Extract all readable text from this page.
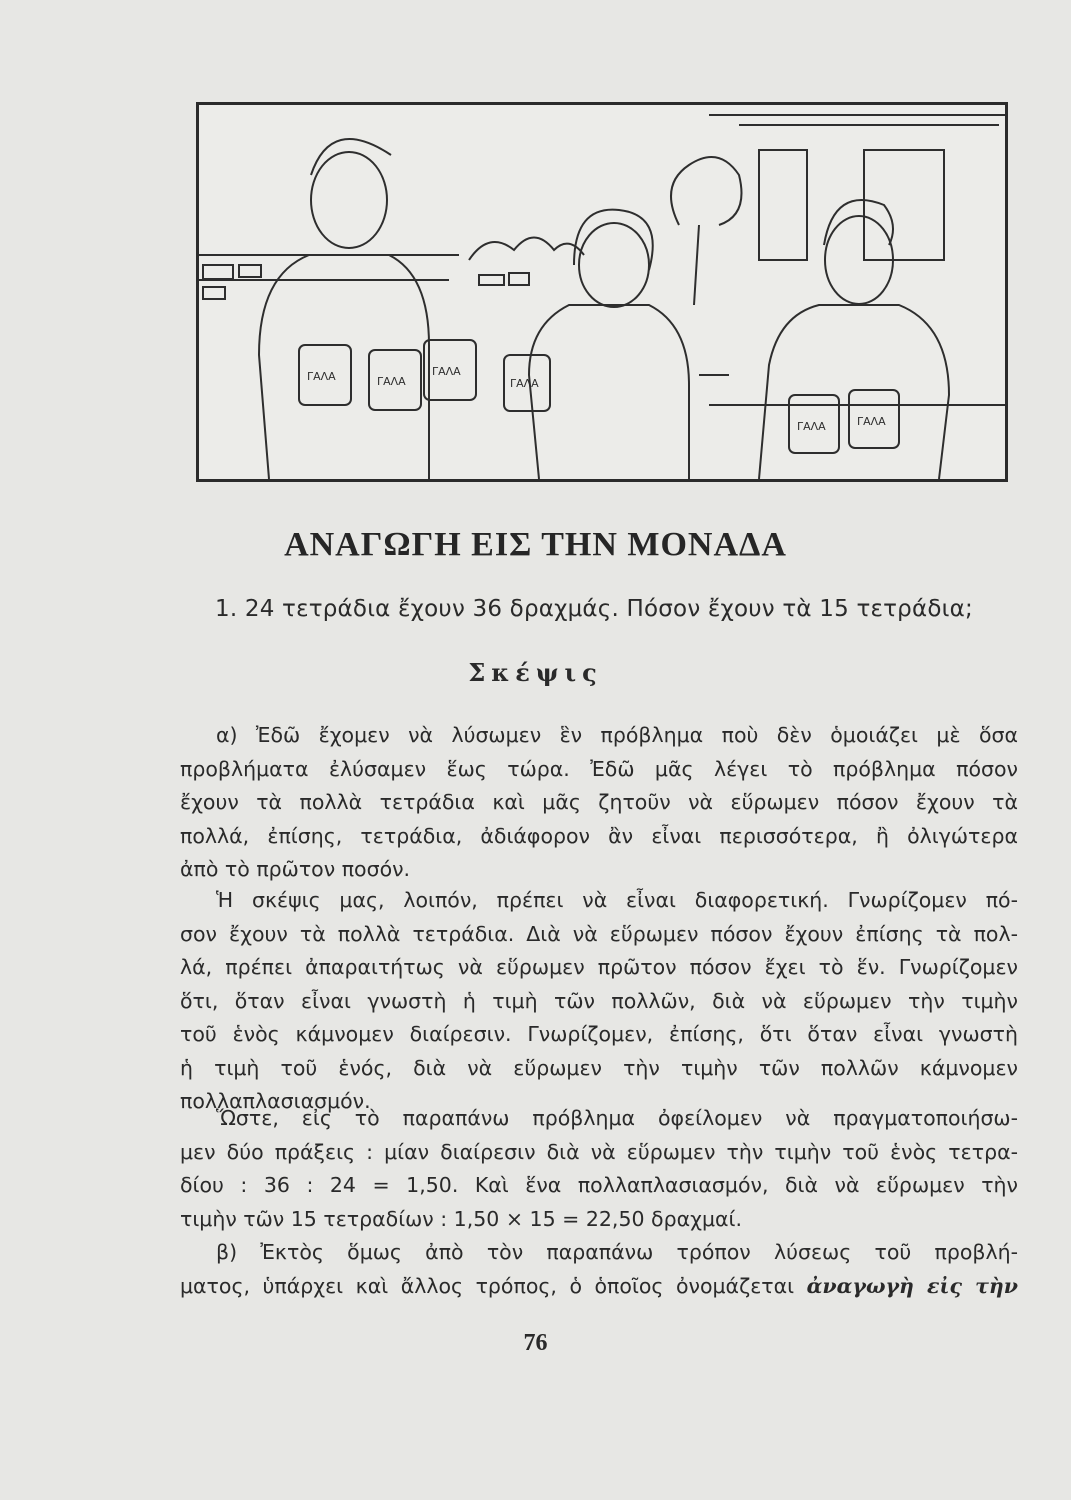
ΓΑΛΑ	ΓΑΛΑ
ΓΑΛΑ
ΓΑΛΑ
ΓΑΛΑ	ΓΑΛΑ
ΑΝΑΓΩΓΗ ΕΙΣ ΤΗΝ ΜΟΝΑΔΑ
1. 24 τετράδια ἔχουν 36 δραχμάς. Πόσον ἔχουν τὰ 15 τετράδια;
Σκέψις
α) Ἐδῶ ἔχομεν νὰ λύσωμεν ἓν πρόβλημα ποὺ δὲν ὁμοιάζει μὲ ὅσα
προβλήματα ἐλύσαμεν ἕως τώρα. Ἐδῶ μᾶς λέγει τὸ πρόβλημα πόσον
ἔχουν τὰ πολλὰ τετράδια καὶ μᾶς ζητοῦν νὰ εὕρωμεν πόσον ἔχουν τὰ
πολλά, ἐπίσης, τετράδια, ἀδιάφορον ἂν εἶναι περισσότερα, ἢ ὀλιγώτερα
ἀπὸ τὸ πρῶτον ποσόν.
Ἡ σκέψις μας, λοιπόν, πρέπει νὰ εἶναι διαφορετική. Γνωρίζομεν πό-
σον ἔχουν τὰ πολλὰ τετράδια. Διὰ νὰ εὕρωμεν πόσον ἔχουν ἐπίσης τὰ πολ-
λά, πρέπει ἀπαραιτήτως νὰ εὕρωμεν πρῶτον πόσον ἔχει τὸ ἕν. Γνωρίζομεν
ὅτι, ὅταν εἶναι γνωστὴ ἡ τιμὴ τῶν πολλῶν, διὰ νὰ εὕρωμεν τὴν τιμὴν
τοῦ ἑνὸς κάμνομεν διαίρεσιν. Γνωρίζομεν, ἐπίσης, ὅτι ὅταν εἶναι γνωστὴ
ἡ τιμὴ τοῦ ἑνός, διὰ νὰ εὕρωμεν τὴν τιμὴν τῶν πολλῶν κάμνομεν
πολλαπλασιασμόν.
Ὥστε, εἰς τὸ παραπάνω πρόβλημα ὀφείλομεν νὰ πραγματοποιήσω-
μεν δύο πράξεις : μίαν διαίρεσιν διὰ νὰ εὕρωμεν τὴν τιμὴν τοῦ ἑνὸς τετρα-
δίου : 36 : 24 = 1,50. Καὶ ἕνα πολλαπλασιασμόν, διὰ νὰ εὕρωμεν τὴν
τιμὴν τῶν 15 τετραδίων : 1,50 × 15 = 22,50 δραχμαί.
β) Ἐκτὸς ὅμως ἀπὸ τὸν παραπάνω τρόπον λύσεως τοῦ προβλή-
ματος, ὑπάρχει καὶ ἄλλος τρόπος, ὁ ὁποῖος ὀνομάζεται ἀναγωγὴ εἰς τὴν
76
